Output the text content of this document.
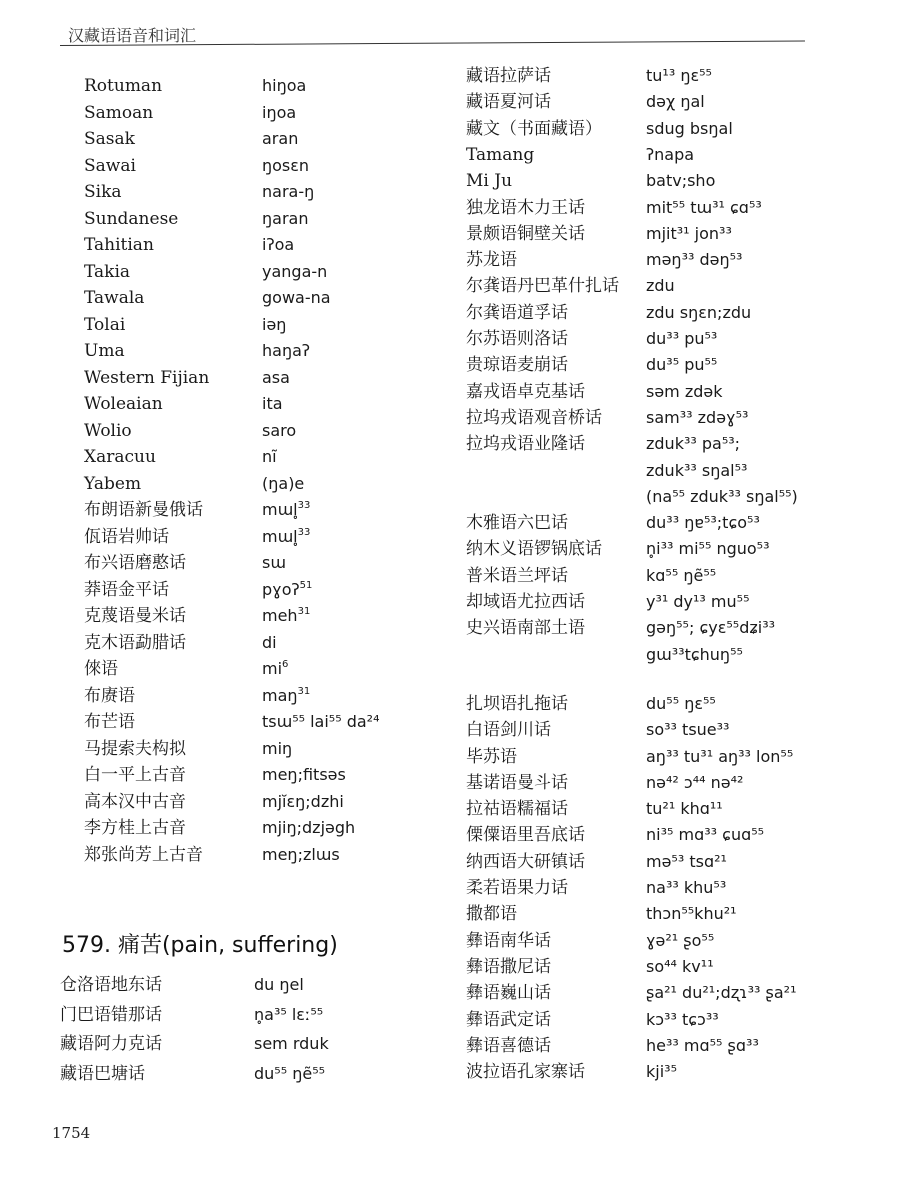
汉藏语语音和词汇
Rotuman	hiŋoa
Samoan	iŋoa
Sasak	aran
Sawai	ŋosɛn
Sika	nara-ŋ
Sundanese	ŋaran
Tahitian	iʔoa
Takia	yanga-n
Tawala	gowa-na
Tolai	iəŋ
Uma	haŋaʔ
Western Fijian	asa
Woleaian	ita
Wolio	saro
Xaracuu	nĩ
Yabem	(ŋa)e
布朗语新曼俄话	mɯl̥$^{33}$
佤语岩帅话	mɯl̥$^{33}$
布兴语磨憨话	sɯ
莽语金平话	pɣoʔ$^{51}$
克蔑语曼米话	meh$^{31}$
克木语勐腊话	di
倈语	$mi^6$
布赓语	maŋ$^{31}$
布芒语	tsɯ⁵⁵ lai⁵⁵ da²⁴
马提索夫构拟	miŋ
白一平上古音	meŋ;fitsəs
高本汉中古音	mjĭɛŋ;dzhi
李方桂上古音	mjiŋ;dzjəgh
郑张尚芳上古音	meŋ;zlɯs
579. 痛苦(pain, suffering)
仓洛语地东话	du ŋel
门巴语错那话	n̥a³⁵ lɛː⁵⁵
藏语阿力克话	sem rduk
藏语巴塘话	du⁵⁵ ŋẽ⁵⁵
藏语拉萨话	tu¹³ ŋɛ⁵⁵
藏语夏河话	dəχ ŋal
藏文（书面藏语）	sdug bsŋal
Tamang	ʔnapa
Mi Ju	batv;sho
独龙语木力王话	mit⁵⁵ tɯ³¹ ɕɑ⁵³
景颇语铜壁关话	mjit³¹ jon³³
苏龙语	məŋ³³ dəŋ⁵³
尔龚语丹巴革什扎话 zdu
尔龚语道孚话	zdu sŋɛn;zdu
尔苏语则洛话	du³³ pu⁵³
贵琼语麦崩话	du³⁵ pu⁵⁵
嘉戎语卓克基话	səm zdək
拉坞戎语观音桥话	sam³³ zdəɣ⁵³
拉坞戎语业隆话	zduk³³ pa⁵³;
zduk³³ sŋal⁵³
(na⁵⁵ zduk³³ sŋal⁵⁵)
木雅语六巴话	du³³ ŋɐ⁵³;tɕo⁵³
纳木义语锣锅底话	n̥i³³ mi⁵⁵ nguo⁵³
普米语兰坪话	kɑ⁵⁵ ŋẽ⁵⁵
却域语尤拉西话	y³¹ dy¹³ mu⁵⁵
史兴语南部土语	gəŋ⁵⁵; ɕyɛ⁵⁵dʑi³³
gɯ³³tɕhuŋ⁵⁵
扎坝语扎拖话	du⁵⁵ ŋɛ⁵⁵
白语剑川话	so³³ tsue³³
毕苏语	aŋ³³ tu³¹ aŋ³³ lon⁵⁵
基诺语曼斗话	nə⁴² ɔ⁴⁴ nə⁴²
拉祜语糯福话	tu²¹ khɑ¹¹
傈僳语里吾底话	ni³⁵ mɑ³³ ɕuɑ⁵⁵
纳西语大研镇话	mə⁵³ tsɑ²¹
柔若语果力话	na³³ khu⁵³
撒都语	thɔn⁵⁵khu²¹
彝语南华话	ɣə²¹ ʂo⁵⁵
彝语撒尼话	so⁴⁴ kv¹¹
彝语巍山话	ʂa²¹ du²¹;dʐɿ³³ ʂa²¹
彝语武定话	kɔ³³ tɕɔ³³
彝语喜德话	he³³ mɑ⁵⁵ ʂɑ³³
波拉语孔家寨话	kji³⁵
1754
